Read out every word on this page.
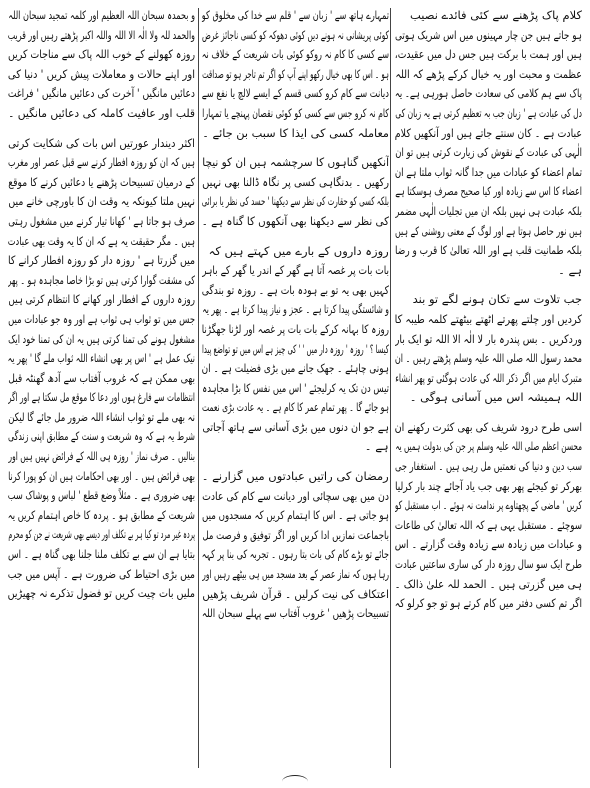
کلام پاک پڑھنے سے کئی فائدے نصیب
ہو جاتے ہیں جن چار مہینوں میں اس شریک ہوتی
ہیں اور ہمت با برکت ہیں جس دل میں عقیدت،
عظمت و محبت اور یہ خیال کرکے پڑھے کہ اللہ
پاک سے ہم کلامی کی سعادت حاصل ہورہی ہے۔ یہ
دل کی عبادت ہے ' زبان جب بہ تعظیم کرتی ہے یہ زبان کی
عبادت ہے ۔ کان سنتے جاتے ہیں اور آنکھیں کلام
الٰہی کی عبادت کے نقوش کی زیارت کرتی ہیں تو ان
تمام اعضاء کو عبادات میں جدا گانہ ثواب ملتا ہے ان
اعضاء کا اس سے زیادہ اور کیا صحیح مصرف ہوسکتا ہے
بلکہ عبادت ہی نہیں بلکہ ان میں تجلیات الٰہی مضمر
ہیں نور حاصل ہوتا ہے اور لوگ کے معنی روشنی کے ہیں
بلکہ طمانیت قلب ہے اور اللہ تعالیٰ کا قرب و رضا
ہے ۔
جب تلاوت سے تکان ہونے لگے تو بند
کردیں اور چلتے پھرتے اٹھتے بیٹھتے کلمہ طیبہ کا
وردکریں ۔ بس پندرہ بار لا الٰہ الا اللہ تو ایک بار
محمد رسول اللہ صلی اللہ علیہ وسلم پڑھتے رہیں ۔ ان
متبرک ایام میں اگر ذکر اللہ کی عادت ہوگئی تو پھر انشاء
اللہ ہمیشہ اس میں آسانی ہوگی ۔
اسی طرح درود شریف کی بھی کثرت رکھنے ان
محسن اعظم صلی اللہ علیہ وسلم پر جن کی بدولت ہمیں یہ
سب دین و دنیا کی نعمتیں مل رہی ہیں ۔ استغفار جی
بھرکر تو کیجئے پھر بھی جب یاد آجائے چند بار کرلیا
کریں ' ماضی کے پچھتاوے پر ندامت نہ ہوئے ۔ اب مستقبل کو
سوچئے ۔ مستقبل یہی ہے کہ اللہ تعالیٰ کی طاعات
و عبادات میں زیادہ سے زیادہ وقت گزارتے ۔ اس
طرح ایک سو سال روزہ دار کی ساری ساعتیں عبادت
ہی میں گزرتی ہیں ۔ الحمد للہ علیٰ ذالک ۔
اگر تم کسی دفتر میں کام کرتے ہو تو جو کرلو کہ
تمہارے ہاتھ سے ' زبان سے ' قلم سے خدا کی مخلوق کو
کوئی پریشانی نہ ہونے دیں کوئی دھوکہ کو کسی ناجائز غرض
سے کسی کا کام نہ روکو کوئی بات شریعت کے خلاف نہ
ہو ۔ اس کا بھی خیال رکھو اپنے آپ کو اگر تم تاجر ہو تو صداقت
دیانت سے کام کرو کسی قسم کے ایسے لالچ یا نفع سے
کام نہ کرو جس سے کسی کو کوئی نقصان پہنچے یا تمہارا
معاملہ کسی کی ایذا کا سبب بن جائے ۔
آنکھیں گناہوں کا سرچشمہ ہیں ان کو نیچا
رکھیں ۔ بدنگاہی کسی پر نگاہ ڈالنا بھی نہیں
بلکہ کسی کو حقارت کی نظر سے دیکھنا ' حسد کی نظر یا برائی
کی نظر سے دیکھنا بھی آنکھوں کا گناہ ہے ۔
روزہ داروں کے بارے میں کہتے ہیں کہ
بات بات پر غصہ آتا ہے گھر کے اندر یا گھر کے باہر
کہیں بھی یہ تو بے ہودہ بات ہے ۔ روزہ تو بندگی
و شائستگی پیدا کرتا ہے ۔ عجز و نیاز پیدا کرتا ہے ۔ پھر یہ
روزہ کا بہانہ کرکے بات بات پر غصہ اور لڑنا جھگڑنا
کیسا ؟ ' روزہ ' روزہ دار میں ' ' کی چیز ہے اس میں تو تواضع پیدا
ہونی چاہئے ۔ جھک جانے میں بڑی فضیلت ہے ۔ ان
تیس دن تک یہ کرلیجئے ' اس میں نفس کا بڑا مجاہدہ
ہو جائے گا ۔ پھر تمام عمر کا کام ہے ۔ یہ عادت بڑی نعمت
ہے جو ان دنوں میں بڑی آسانی سے ہاتھ آجاتی
ہے ۔
رمضان کی راتیں عبادتوں میں گزارنے ۔
دن میں بھی سچائی اور دیانت سے کام کی عادت
ہو جاتی ہے ۔ اس کا اہتمام کریں کہ مسجدوں میں
باجماعت نمازیں ادا کریں اور اگر توفیق و فرصت مل
جائے تو بڑے کام کی بات بتا رہوں ۔ تجربہ کی بنا پر کہہ
رہا ہوں کہ نماز عصر کے بعد مسجد میں ہی بیٹھے رہیں اور
اعتکاف کی نیت کرلیں ۔ قرآن شریف پڑھیں
تسبیحات پڑھیں ' غروب آفتاب سے پہلے سبحان اللہ
و بحمدہ سبحان اللہ العظیم اور کلمہ تمجید سبحان اللہ
والحمد للہ ولا الٰہ الا اللہ واللہ اکبر پڑھتے رہیں اور قریب
روزہ کھولنے کے خوب اللہ پاک سے مناجات کریں
اور اپنے حالات و معاملات پیش کریں ' دنیا کی
دعائیں مانگیں ' آخرت کی دعائیں مانگیں ' فراغت
قلب اور عافیت کاملہ کی دعائیں مانگیں ۔
اکثر دیندار عورتیں اس بات کی شکایت کرتی
ہیں کہ ان کو روزہ افطار کرنے سے قبل عصر اور مغرب
کے درمیان تسبیحات پڑھنے یا دعائیں کرنے کا موقع
نہیں ملتا کیونکہ یہ وقت ان کا باورچی خانے میں
صرف ہو جاتا ہے ' کھانا تیار کرنے میں مشغول رہتی
ہیں ۔ مگر حقیقت یہ ہے کہ ان کا یہ وقت بھی عبادت
میں گزرتا ہے ' روزہ دار کو روزہ افطار کرانے کا
کی مشقت گوارا کرتی ہیں تو بڑا خاصا مجاہدہ ہو ۔ پھر
روزہ داروں کے افطار اور کھانے کا انتظام کرتی ہیں
جس میں تو ثواب ہی ثواب ہے اور وہ جو عبادات میں
مشغول ہونے کی تمنا کرتی ہیں یہ ان کی تمنا خود ایک
نیک عمل ہے ' اس پر بھی انشاء اللہ ثواب ملے گا ' پھر یہ
بھی ممکن ہے کہ غروب آفتاب سے آدھ گھنٹہ قبل
انتظامات سے فارغ ہوں اور دعا کا موقع مل سکتا ہے اور اگر
نہ بھی ملے تو ثواب انشاء اللہ ضرور مل جائے گا لیکن
شرط یہ ہے کہ وہ شریعت و سنت کے مطابق اپنی زندگی
بنالیں ۔ صرف نماز ' روزہ ہی اللہ کے فرائض نہیں ہیں اور
بھی فرائض ہیں ۔ اور بھی احکامات ہیں ان کو پورا کرنا
بھی ضروری ہے ۔ مثلاً وضع قطع ' لباس و پوشاک سب
شریعت کے مطابق ہو ۔ پردہ کا خاص اہتمام کریں یہ
پردہ غیر مرد تو کیا ہر بے تکلف اور دیسے بھی شریعت نے جن کو محرم
بتایا ہے ان سے بے تکلف ملنا جلنا بھی گناہ ہے ۔ اس
میں بڑی احتیاط کی ضرورت ہے ۔ آپس میں جب
ملیں بات چیت کریں تو فضول تذکرے نہ چھیڑیں
